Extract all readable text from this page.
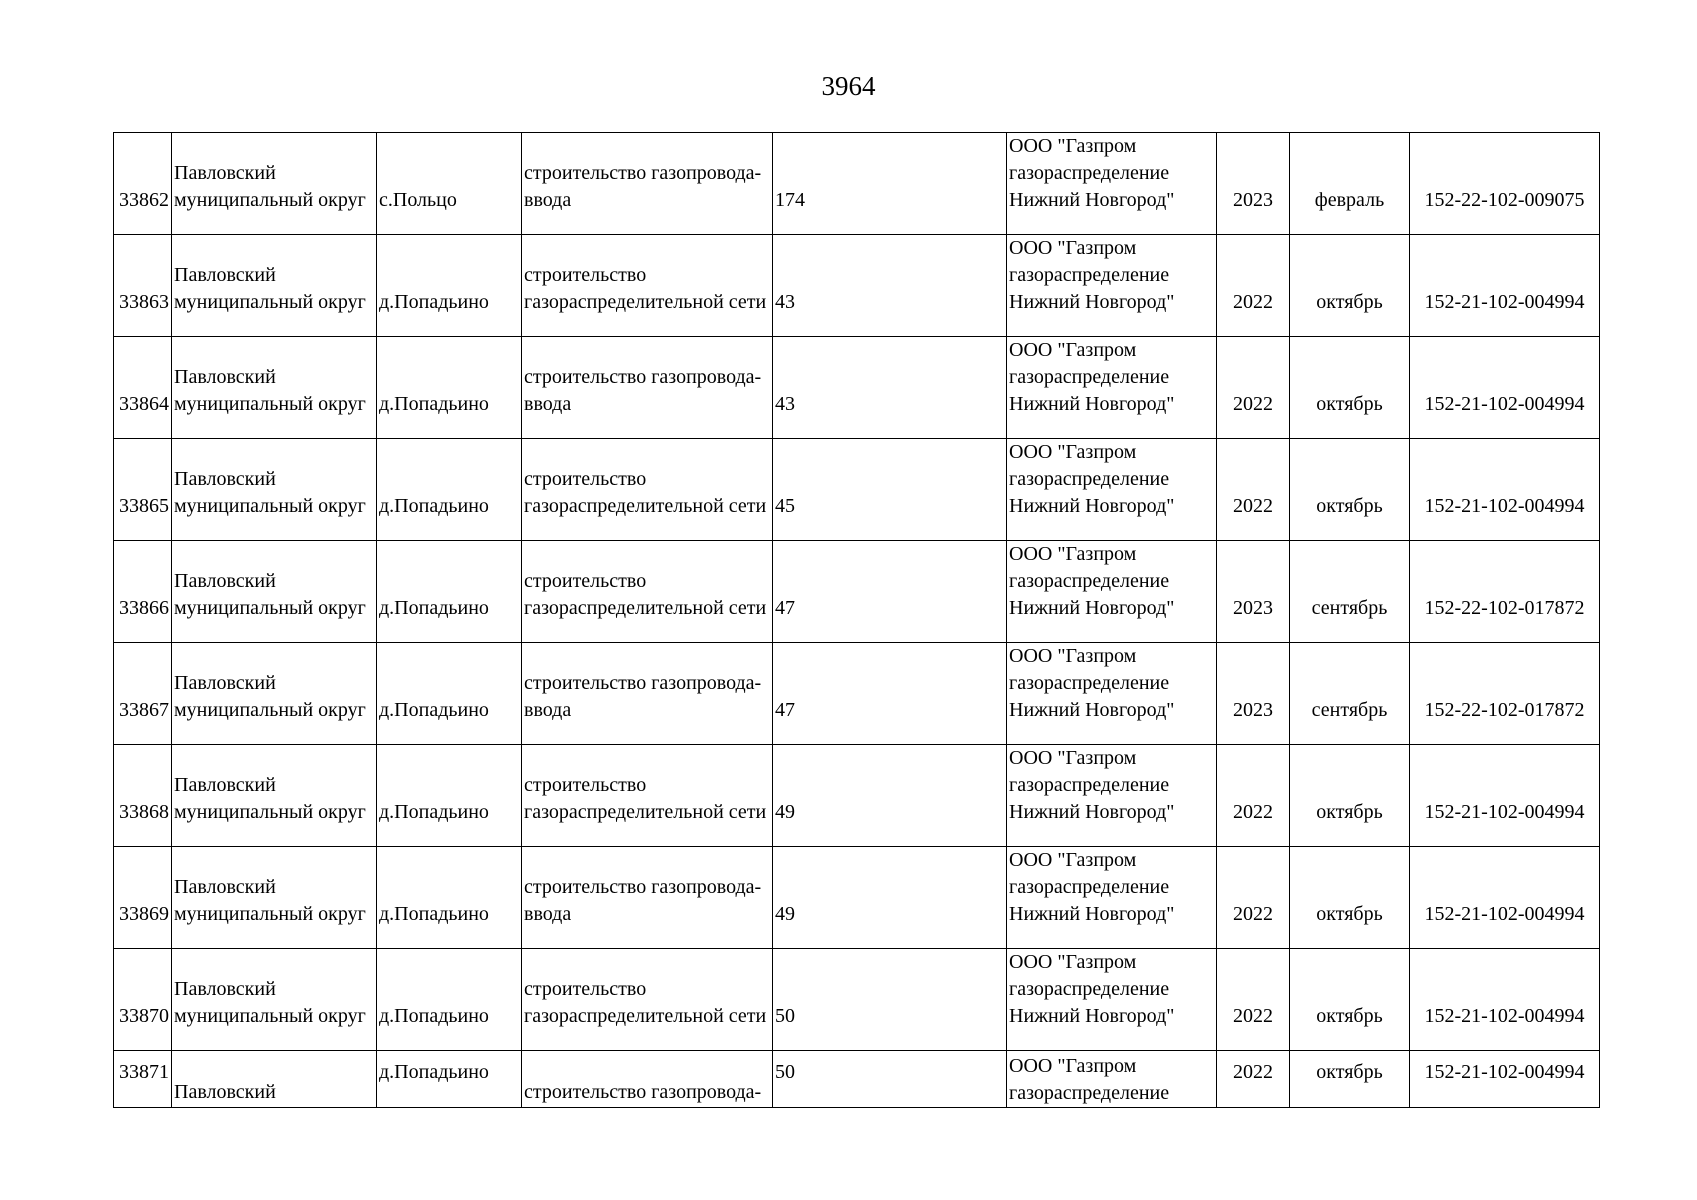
3964
33862	Павловский
муниципальный округ	с.Польцо	строительство газопровода-
ввода	174	ООО "Газпром
газораспределение
Нижний Новгород"	2023	февраль	152-22-102-009075

33863	Павловский
муниципальный округ	д.Попадьино	строительство
газораспределительной сети	43	ООО "Газпром
газораспределение
Нижний Новгород"	2022	октябрь	152-21-102-004994

33864	Павловский
муниципальный округ	д.Попадьино	строительство газопровода-
ввода	43	ООО "Газпром
газораспределение
Нижний Новгород"	2022	октябрь	152-21-102-004994

33865	Павловский
муниципальный округ	д.Попадьино	строительство
газораспределительной сети	45	ООО "Газпром
газораспределение
Нижний Новгород"	2022	октябрь	152-21-102-004994

33866	Павловский
муниципальный округ	д.Попадьино	строительство
газораспределительной сети	47	ООО "Газпром
газораспределение
Нижний Новгород"	2023	сентябрь	152-22-102-017872

33867	Павловский
муниципальный округ	д.Попадьино	строительство газопровода-
ввода	47	ООО "Газпром
газораспределение
Нижний Новгород"	2023	сентябрь	152-22-102-017872

33868	Павловский
муниципальный округ	д.Попадьино	строительство
газораспределительной сети	49	ООО "Газпром
газораспределение
Нижний Новгород"	2022	октябрь	152-21-102-004994

33869	Павловский
муниципальный округ	д.Попадьино	строительство газопровода-
ввода	49	ООО "Газпром
газораспределение
Нижний Новгород"	2022	октябрь	152-21-102-004994

33870	Павловский
муниципальный округ	д.Попадьино	строительство
газораспределительной сети	50	ООО "Газпром
газораспределение
Нижний Новгород"	2022	октябрь	152-21-102-004994

33871	Павловский	д.Попадьино	строительство газопровода-	50	ООО "Газпром
газораспределение	2022	октябрь	152-21-102-004994
